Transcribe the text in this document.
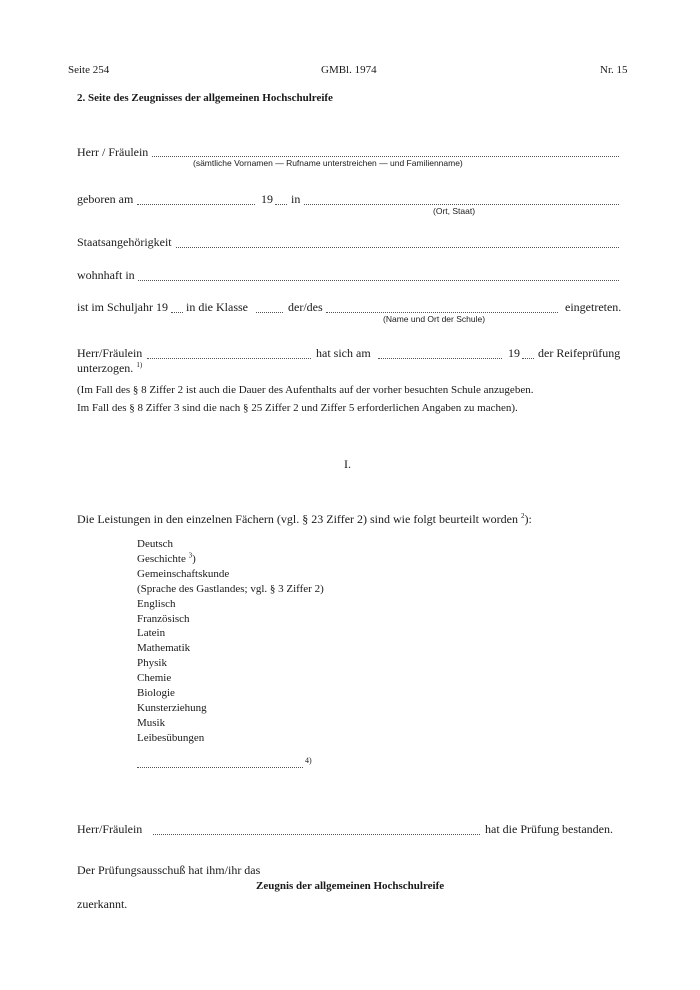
Seite 254	GMBl. 1974	Nr. 15
2. Seite des Zeugnisses der allgemeinen Hochschulreife
Herr / Fräulein
(sämtliche Vornamen — Rufname unterstreichen — und Familienname)
geboren am	19 in
(Ort, Staat)
Staatsangehörigkeit
wohnhaft in
ist im Schuljahr 19 in die Klasse	der/des	eingetreten.
(Name und Ort der Schule)
Herr/Fräulein	hat sich am	19 der Reifeprüfung
unterzogen. $^{1)}$
(Im Fall des § 8 Ziffer 2 ist auch die Dauer des Aufenthalts auf der vorher besuchten Schule anzugeben.
Im Fall des § 8 Ziffer 3 sind die nach § 25 Ziffer 2 und Ziffer 5 erforderlichen Angaben zu machen).
I.
Die Leistungen in den einzelnen Fächern (vgl. § 23 Ziffer 2) sind wie folgt beurteilt worden $^2$):
Deutsch
Geschichte $^3$)
Gemeinschaftskunde
(Sprache des Gastlandes; vgl. § 3 Ziffer 2)
Englisch
Französisch
Latein
Mathematik
Physik
Chemie
Biologie
Kunsterziehung
Musik
Leibesübungen
4)
Herr/Fräulein	hat die Prüfung bestanden.
Der Prüfungsausschuß hat ihm/ihr das
Zeugnis der allgemeinen Hochschulreife
zuerkannt.
